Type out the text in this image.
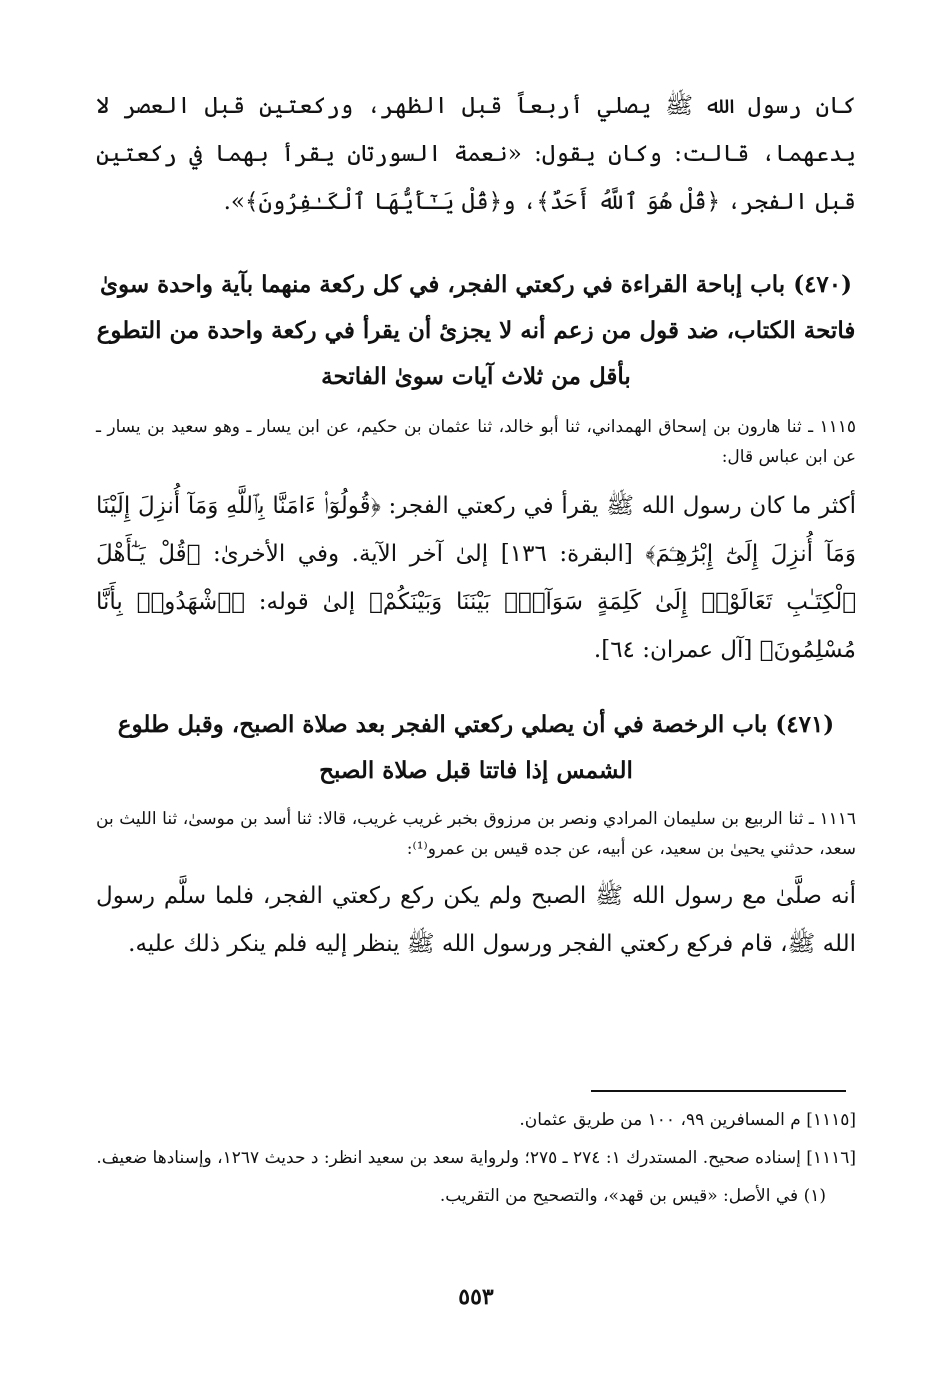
كان رسول الله ﷺ يصلي أربعاً قبل الظهر، وركعتين قبل العصر لا يدعهما، قالت: وكان يقول: «نعمة السورتان يقرأ بهما في ركعتين قبل الفجر، ﴿قُلْ هُوَ ٱللَّهُ أَحَدٌ﴾، و﴿قُلْ يَـٰٓأَيُّهَا ٱلْكَـٰفِرُونَ﴾».

(٤٧٠) باب إباحة القراءة في ركعتي الفجر، في كل ركعة منهما بآية واحدة سوىٰ فاتحة الكتاب، ضد قول من زعم أنه لا يجزئ أن يقرأ في ركعة واحدة من التطوع بأقل من ثلاث آيات سوىٰ الفاتحة

١١١٥ ـ ثنا هارون بن إسحاق الهمداني، ثنا أبو خالد، ثنا عثمان بن حكيم، عن ابن يسار ـ وهو سعيد بن يسار ـ عن ابن عباس قال:

أكثر ما كان رسول الله ﷺ يقرأ في ركعتي الفجر: ﴿قُولُوٓا۟ ءَامَنَّا بِٱللَّهِ وَمَآ أُنزِلَ إِلَيْنَا وَمَآ أُنزِلَ إِلَىٰٓ إِبْرَٰهِـۧمَ﴾ [البقرة: ١٣٦] إلىٰ آخر الآية. وفي الأخرىٰ: ﴿قُلْ يَـٰٓأَهْلَ ٱلْكِتَـٰبِ تَعَالَوْا۟ إِلَىٰ كَلِمَةٍ سَوَآءٍۭ بَيْنَنَا وَبَيْنَكُمْ﴾ إلىٰ قوله: ﴿ٱشْهَدُوا۟ بِأَنَّا مُسْلِمُونَ﴾ [آل عمران: ٦٤].

(٤٧١) باب الرخصة في أن يصلي ركعتي الفجر بعد صلاة الصبح، وقبل طلوع الشمس إذا فاتتا قبل صلاة الصبح

١١١٦ ـ ثنا الربيع بن سليمان المرادي ونصر بن مرزوق بخبر غريب غريب، قالا: ثنا أسد بن موسىٰ، ثنا الليث بن سعد، حدثني يحيىٰ بن سعيد، عن أبيه، عن جده قيس بن عمرو⁽¹⁾:

أنه صلَّىٰ مع رسول الله ﷺ الصبح ولم يكن ركع ركعتي الفجر، فلما سلَّم رسول الله ﷺ، قام فركع ركعتي الفجر ورسول الله ﷺ ينظر إليه فلم ينكر ذلك عليه.

[١١١٥] م المسافرين ٩٩، ١٠٠ من طريق عثمان.

[١١١٦] إسناده صحيح. المستدرك ١: ٢٧٤ ـ ٢٧٥؛ ولرواية سعد بن سعيد انظر: د حديث ١٢٦٧، وإسنادها ضعيف.

(١) في الأصل: «قيس بن قهد»، والتصحيح من التقريب.

٥٥٣
